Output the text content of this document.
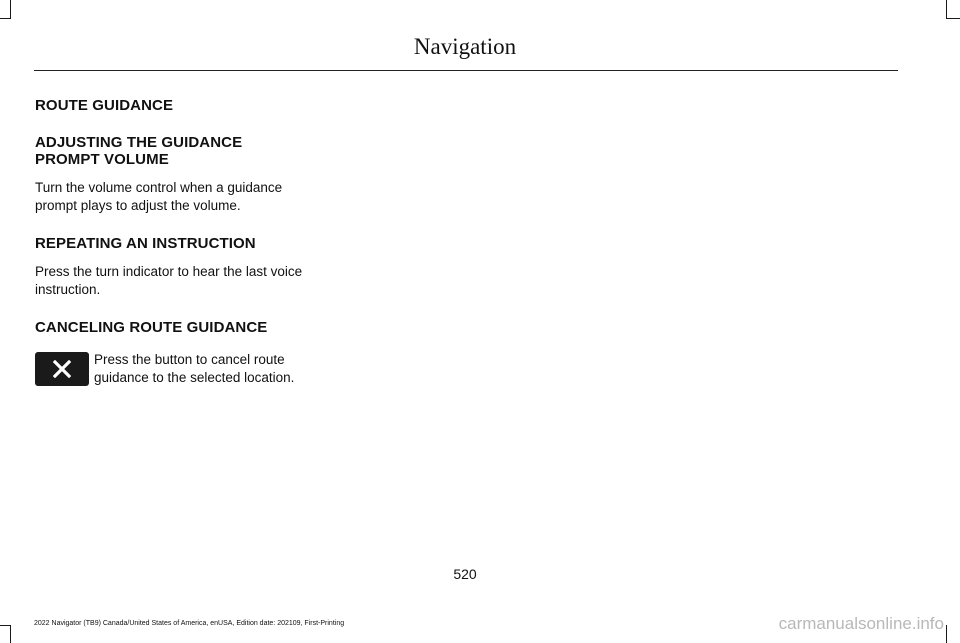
Navigation
ROUTE GUIDANCE
ADJUSTING THE GUIDANCE PROMPT VOLUME
Turn the volume control when a guidance prompt plays to adjust the volume.
REPEATING AN INSTRUCTION
Press the turn indicator to hear the last voice instruction.
CANCELING ROUTE GUIDANCE
Press the button to cancel route guidance to the selected location.
520
2022 Navigator (TB9) Canada/United States of America, enUSA, Edition date: 202109, First-Printing	carmanualsonline.info
